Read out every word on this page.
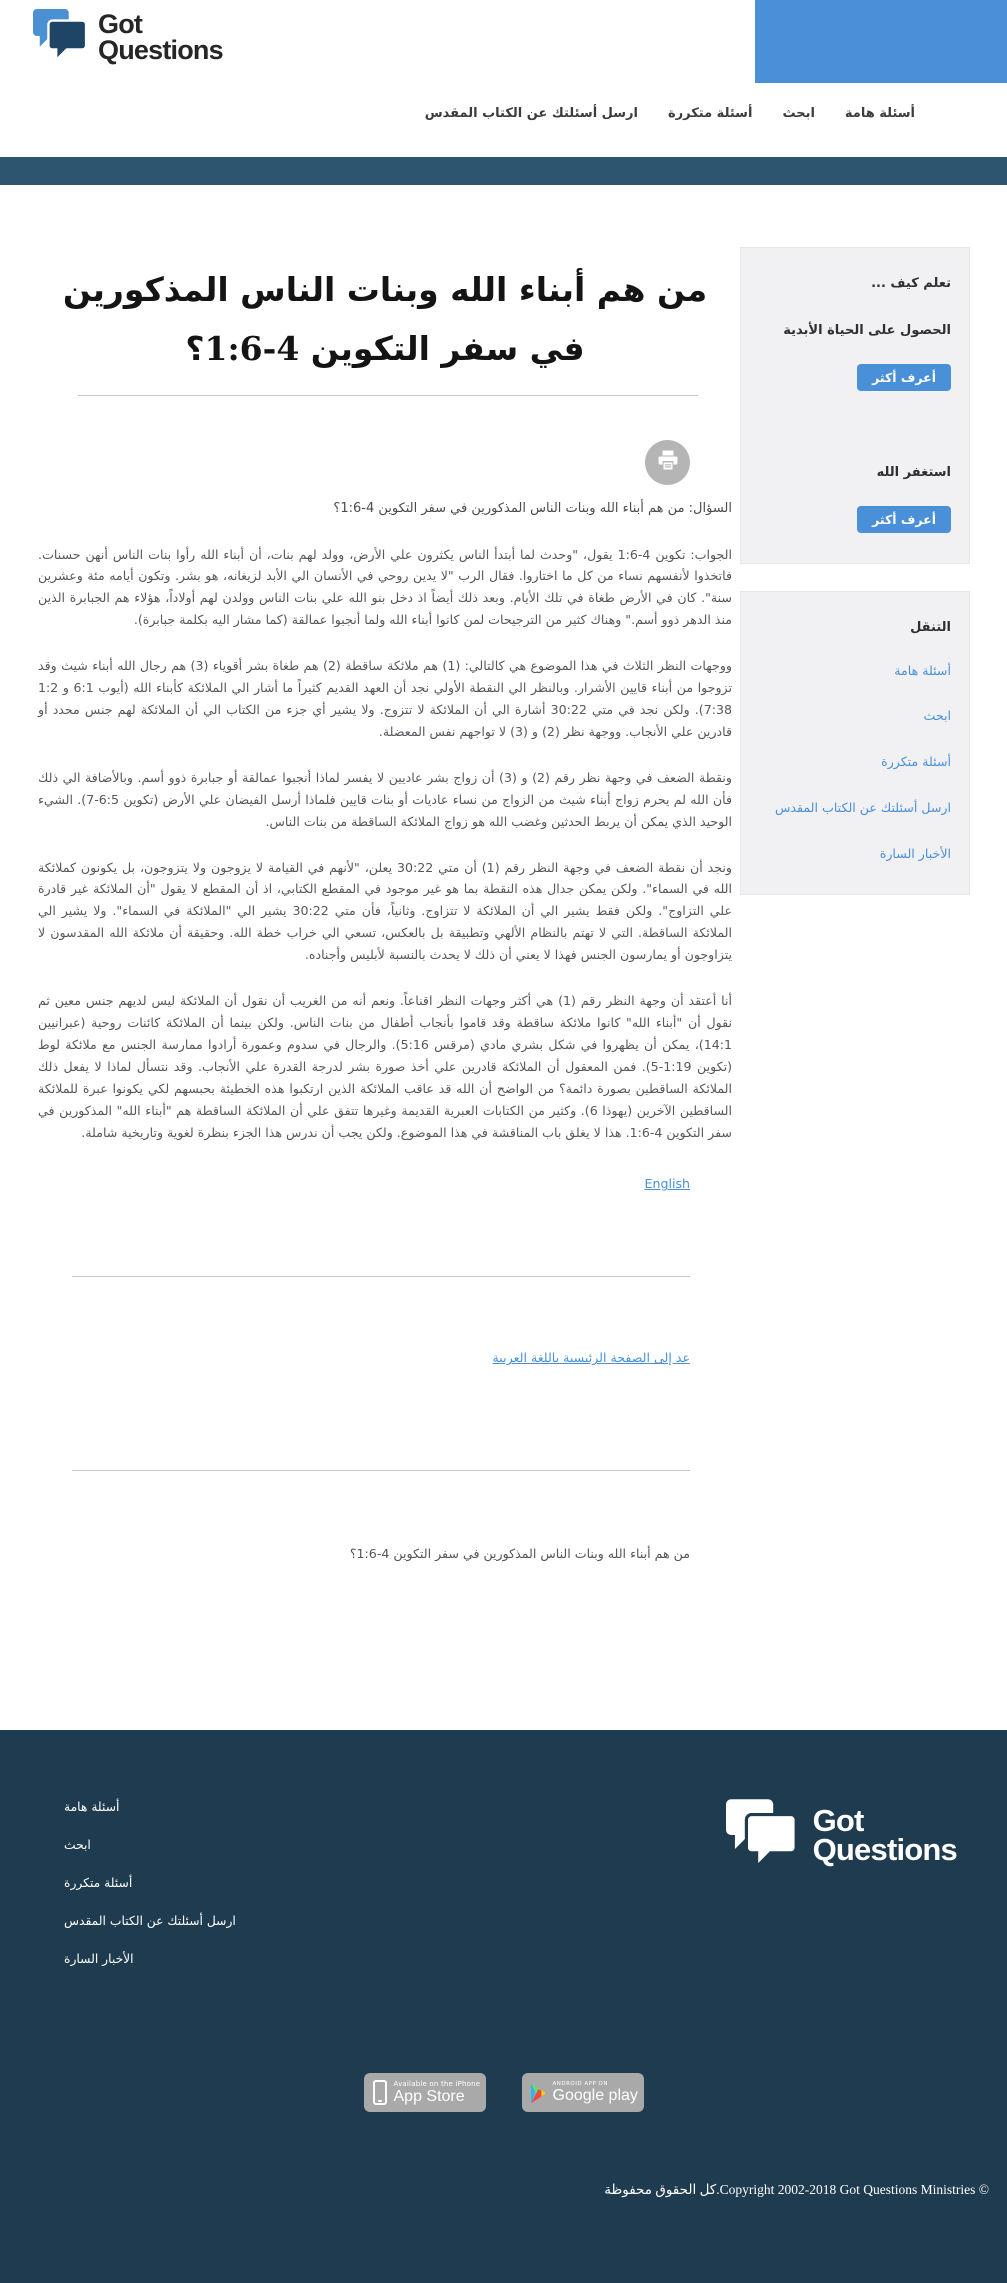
Got
Questions
أسئلة هامة
ابحث
أسئلة متكررة
ارسل أسئلتك عن الكتاب المقدس
من هم أبناء الله وبنات الناس المذكورين
في سفر التكوين 4-1:6؟
السؤال: من هم أبناء الله وبنات الناس المذكورين في سفر التكوين 4-1:6؟

الجواب: تكوين 4-1:6 يقول، "وحدث لما أبتدأ الناس يكثرون علي الأرض، وولد لهم بنات، أن أبناء الله رأوا بنات الناس أنهن حسنات. فاتخذوا لأنفسهم نساء من كل ما اختاروا. فقال الرب "لا يدين روحي في الأنسان الي الأبد لزيغانه، هو بشر. وتكون أيامه مئة وعشرين سنة". كان في الأرض طغاة في تلك الأيام. وبعد ذلك أيضاً اذ دخل بنو الله علي بنات الناس وولدن لهم أولاداً، هؤلاء هم الجبابرة الذين منذ الدهر ذوو أسم." وهناك كثير من الترجيحات لمن كانوا أبناء الله ولما أنجبوا عمالقة (كما مشار اليه بكلمة جبابرة).

ووجهات النظر الثلاث في هذا الموضوع هي كالتالي: (1) هم ملائكة ساقطة (2) هم طغاة بشر أقوياء (3) هم رجال الله أبناء شيث وقد تزوجوا من أبناء قايين الأشرار. وبالنظر الي النقطة الأولي نجد أن العهد القديم كثيراً ما أشار الي الملائكة كأبناء الله (أيوب 6:1 و 1:2 7:38). ولكن نجد في متي 30:22 أشارة الي أن الملائكة لا تتزوج. ولا يشير أي جزء من الكتاب الي أن الملائكة لهم جنس محدد أو قادرين علي الأنجاب. ووجهة نظر (2) و (3) لا تواجهم نفس المعضلة.

ونقطة الضعف في وجهة نظر رقم (2) و (3) أن زواج بشر عاديين لا يفسر لماذا أنجبوا عمالقة أو جبابرة ذوو أسم. وبالأضافة الي ذلك فأن الله لم يحرم زواج أبناء شيث من الزواج من نساء عاديات أو بنات قايين فلماذا أرسل الفيضان علي الأرض (تكوين 6:5-7). الشيء الوحيد الذي يمكن أن يربط الحدثين وغضب الله هو زواج الملائكة الساقطة من بنات الناس.

ونجد أن نقطة الضعف في وجهة النظر رقم (1) أن متي 30:22 يعلن، "لأنهم في القيامة لا يزوجون ولا يتزوجون، بل يكونون كملائكة الله في السماء". ولكن يمكن جدال هذه النقطة بما هو غير موجود في المقطع الكتابي، اذ أن المقطع لا يقول "أن الملائكة غير قادرة علي التزاوج". ولكن فقط يشير الي أن الملائكة لا تتزاوج. وثانياً، فأن متي 30:22 يشير الي "الملائكة في السماء". ولا يشير الي الملائكة الساقطة. التي لا تهتم بالنظام الألهي وتطبيقة بل بالعكس، تسعي الي خراب خطة الله. وحقيقة أن ملائكة الله المقدسون لا يتزاوجون أو يمارسون الجنس فهذا لا يعني أن ذلك لا يحدث بالنسبة لأبليس وأجناده.

أنا أعتقد أن وجهة النظر رقم (1) هي أكثر وجهات النظر اقناعاً. ونعم أنه من الغريب أن نقول أن الملائكة ليس لديهم جنس معين ثم نقول أن "أبناء الله" كانوا ملائكة ساقطة وقد قاموا بأنجاب أطفال من بنات الناس. ولكن بينما أن الملائكة كائنات روحية (عبرانيين 14:1)، يمكن أن يظهروا في شكل بشري مادي (مرقس 5:16). والرجال في سدوم وعمورة أرادوا ممارسة الجنس مع ملائكة لوط (تكوين 1:19-5). فمن المعقول أن الملائكة قادرين علي أخذ صورة بشر لدرجة القدرة علي الأنجاب. وقد نتسأل لماذا لا يفعل ذلك الملائكة الساقطين بصورة دائمة؟ من الواضح أن الله قد عاقب الملائكة الذين ارتكبوا هذه الخطيئة بحبسهم لكي يكونوا عبرة للملائكة الساقطين الآخرين (يهوذا 6). وكثير من الكتابات العبرية القديمة وغيرها تتفق علي أن الملائكة الساقطة هم "أبناء الله" المذكورين في سفر التكوين 4-1:6. هذا لا يغلق باب المناقشة في هذا الموضوع. ولكن يجب أن ندرس هذا الجزء بنظرة لغوية وتاريخية شاملة.

English
عد إلى الصفحة الرئيسية باللغة العربية
من هم أبناء الله وبنات الناس المذكورين في سفر التكوين 4-1:6؟
تعلم كيف ...
الحصول على الحياة الأبدية
أعرف أكثر
استغفر الله
أعرف أكثر
التنقل
أسئلة هامة
ابحث
أسئلة متكررة
ارسل أسئلتك عن الكتاب المقدس
الأخبار السارة
أسئلة هامة
ابحث
أسئلة متكررة
ارسل أسئلتك عن الكتاب المقدس
الأخبار السارة
Got
Questions
Available on the iPhone
App Store
ANDROID APP ON
Google play
كل الحقوق محفوظة.Copyright 2002-2018 Got Questions Ministries ©
